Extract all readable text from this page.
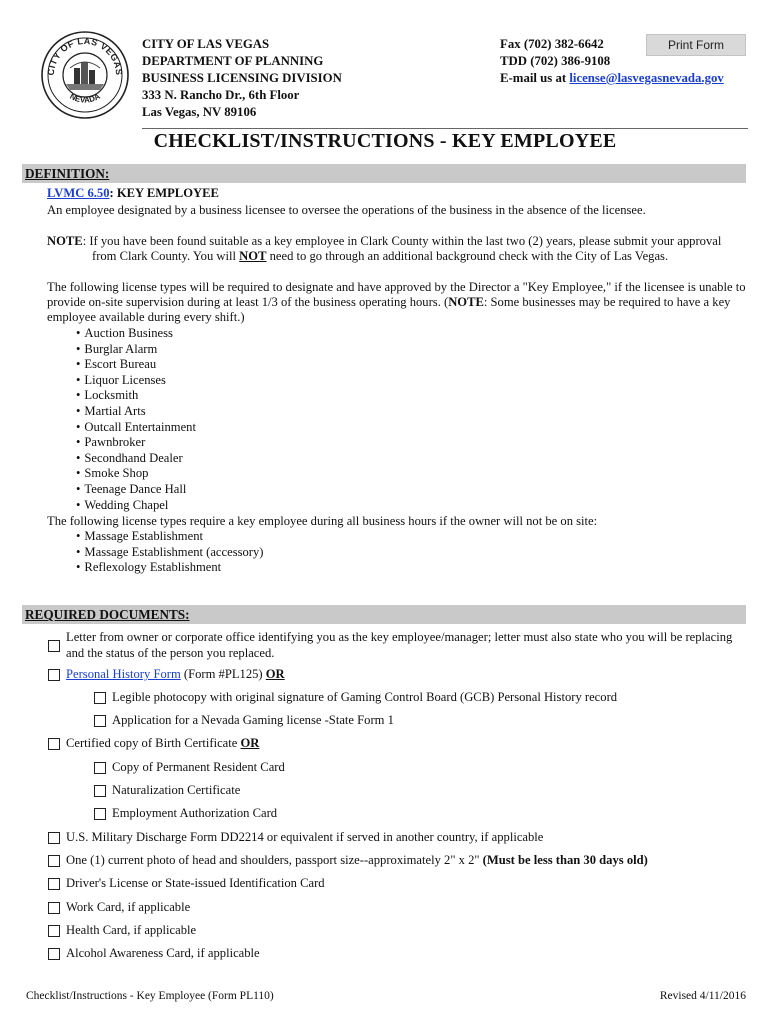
CITY OF LAS VEGAS
NEVADA
CITY OF LAS VEGAS
DEPARTMENT OF PLANNING
BUSINESS LICENSING DIVISION
333 N. Rancho Dr., 6th Floor
Las Vegas, NV 89106
Fax (702) 382-6642
TDD (702) 386-9108
E-mail us at license@lasvegasnevada.gov
Print Form
CHECKLIST/INSTRUCTIONS - KEY EMPLOYEE
DEFINITION:
LVMC 6.50: KEY EMPLOYEE
An employee designated by a business licensee to oversee the operations of the business in the absence of the licensee.
NOTE: If you have been found suitable as a key employee in Clark County within the last two (2) years, please submit your approval
from Clark County. You will NOT need to go through an additional background check with the City of Las Vegas.
The following license types will be required to designate and have approved by the Director a "Key Employee," if the licensee is unable to
provide on-site supervision during at least 1/3 of the business operating hours. (NOTE: Some businesses may be required to have a key
employee available during every shift.)
• Auction Business
• Burglar Alarm
• Escort Bureau
• Liquor Licenses
• Locksmith
• Martial Arts
• Outcall Entertainment
• Pawnbroker
• Secondhand Dealer
• Smoke Shop
• Teenage Dance Hall
• Wedding Chapel
The following license types require a key employee during all business hours if the owner will not be on site:
• Massage Establishment
• Massage Establishment (accessory)
• Reflexology Establishment
REQUIRED DOCUMENTS:
Letter from owner or corporate office identifying you as the key employee/manager; letter must also state who you will be replacing
and the status of the person you replaced.
Personal History Form (Form #PL125) OR
Legible photocopy with original signature of Gaming Control Board (GCB) Personal History record
Application for a Nevada Gaming license -State Form 1
Certified copy of Birth Certificate OR
Copy of Permanent Resident Card
Naturalization Certificate
Employment Authorization Card
U.S. Military Discharge Form DD2214 or equivalent if served in another country, if applicable
One (1) current photo of head and shoulders, passport size--approximately 2" x 2" (Must be less than 30 days old)
Driver's License or State-issued Identification Card
Work Card, if applicable
Health Card, if applicable
Alcohol Awareness Card, if applicable
Checklist/Instructions - Key Employee (Form PL110)	Revised 4/11/2016
